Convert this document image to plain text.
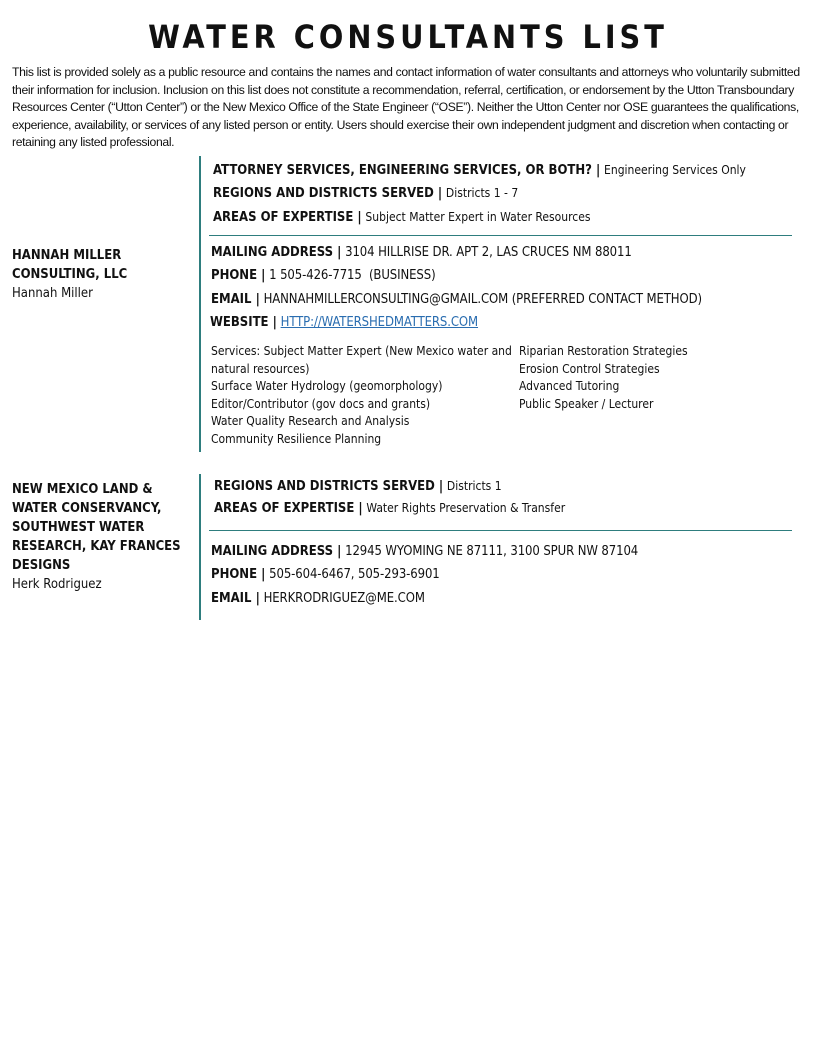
WATER CONSULTANTS LIST
This list is provided solely as a public resource and contains the names and contact information of water consultants and attorneys who voluntarily submitted their information for inclusion. Inclusion on this list does not constitute a recommendation, referral, certification, or endorsement by the Utton Transboundary Resources Center (“Utton Center”) or the New Mexico Office of the State Engineer (“OSE”). Neither the Utton Center nor OSE guarantees the qualifications, experience, availability, or services of any listed person or entity. Users should exercise their own independent judgment and discretion when contacting or retaining any listed professional.
HANNAH MILLER
CONSULTING, LLC
Hannah Miller
ATTORNEY SERVICES, ENGINEERING SERVICES, OR BOTH? | Engineering Services Only
REGIONS AND DISTRICTS SERVED | Districts 1 - 7
AREAS OF EXPERTISE | Subject Matter Expert in Water Resources
MAILING ADDRESS | 3104 HILLRISE DR. APT 2, LAS CRUCES NM 88011
PHONE | 1 505-426-7715  (BUSINESS)
EMAIL | HANNAHMILLERCONSULTING@GMAIL.COM (PREFERRED CONTACT METHOD)
WEBSITE | HTTP://WATERSHEDMATTERS.COM
Services: Subject Matter Expert (New Mexico water and
natural resources)
Surface Water Hydrology (geomorphology)
Editor/Contributor (gov docs and grants)
Water Quality Research and Analysis
Community Resilience Planning
Riparian Restoration Strategies
Erosion Control Strategies
Advanced Tutoring
Public Speaker / Lecturer
NEW MEXICO LAND &
WATER CONSERVANCY,
SOUTHWEST WATER
RESEARCH, KAY FRANCES
DESIGNS
Herk Rodriguez
REGIONS AND DISTRICTS SERVED | Districts 1
AREAS OF EXPERTISE | Water Rights Preservation & Transfer
MAILING ADDRESS | 12945 WYOMING NE 87111, 3100 SPUR NW 87104
PHONE | 505-604-6467, 505-293-6901
EMAIL | HERKRODRIGUEZ@ME.COM
